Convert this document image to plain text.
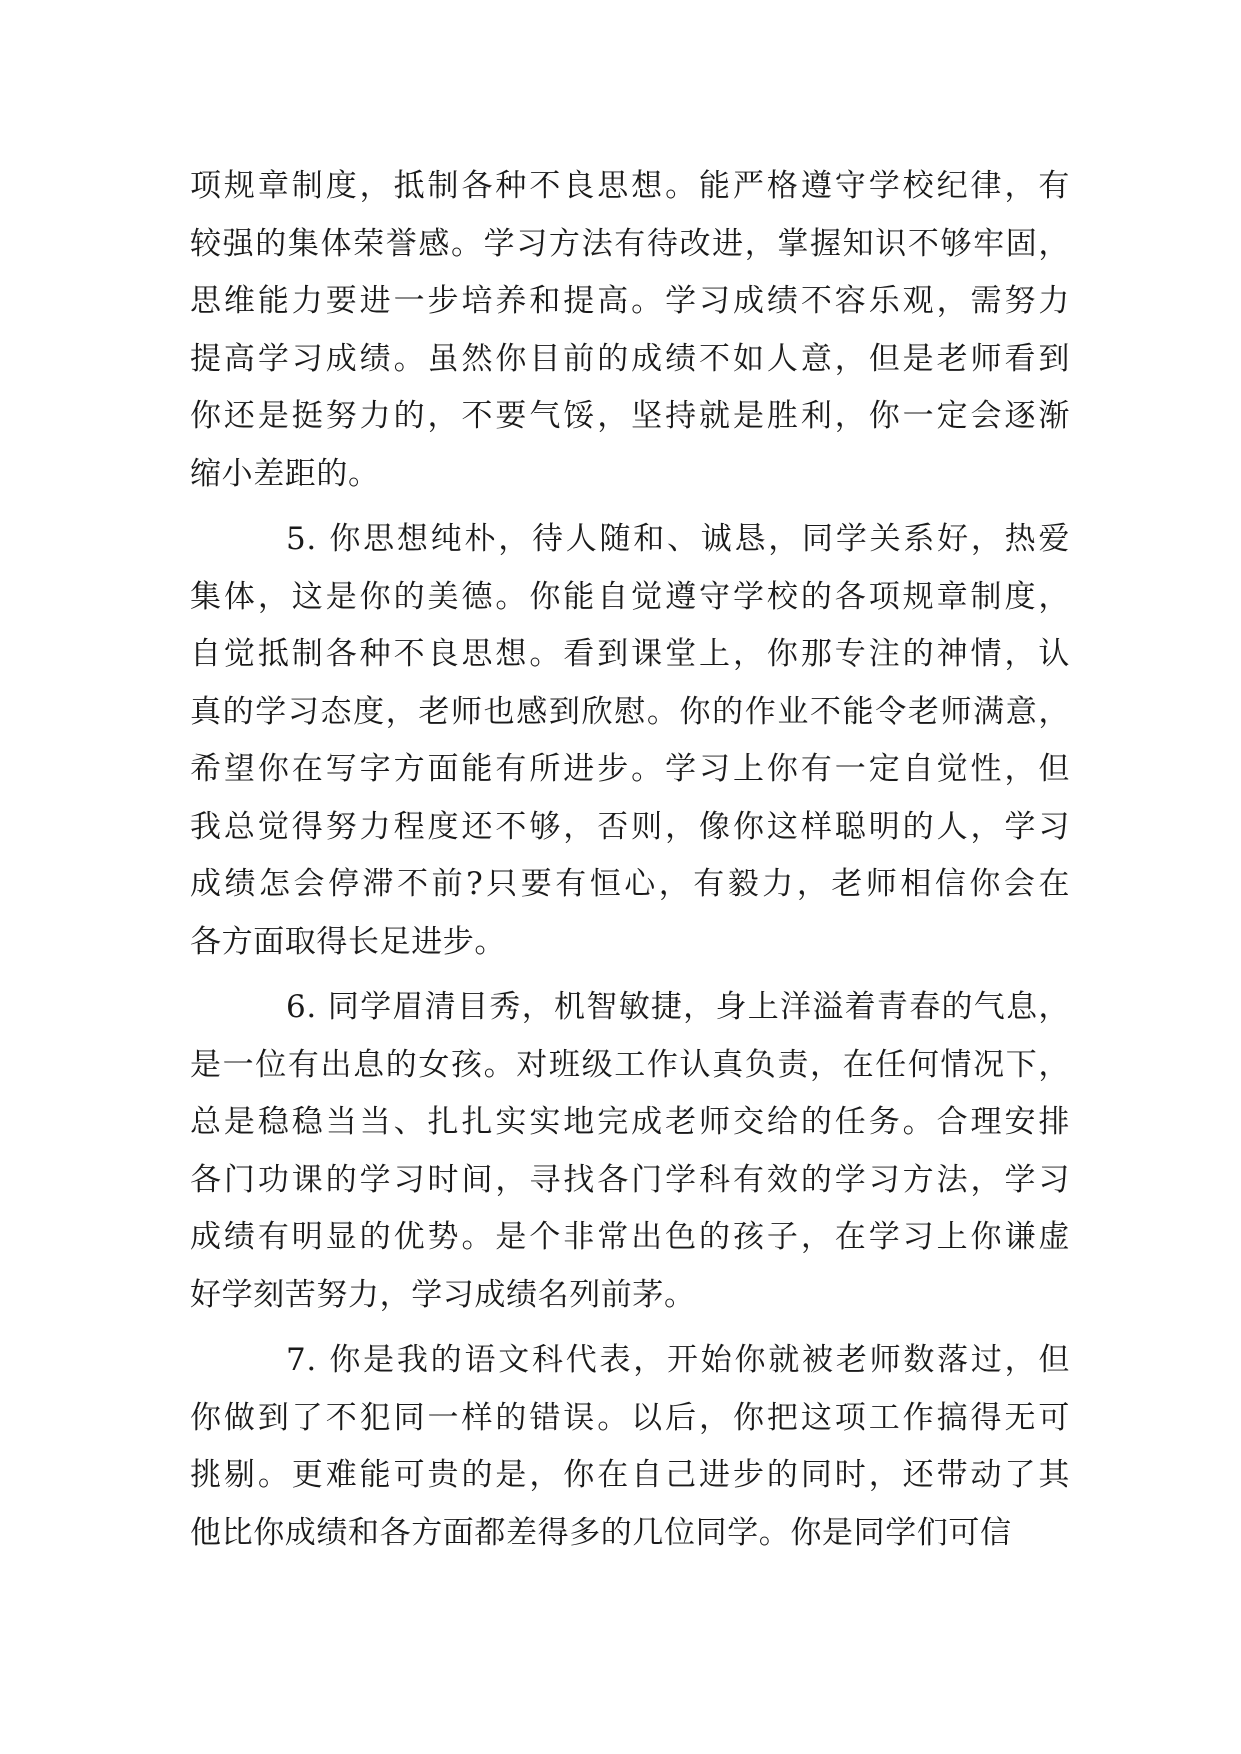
项规章制度，抵制各种不良思想。能严格遵守学校纪律，有
较强的集体荣誉感。学习方法有待改进，掌握知识不够牢固，
思维能力要进一步培养和提高。学习成绩不容乐观，需努力
提高学习成绩。虽然你目前的成绩不如人意，但是老师看到
你还是挺努力的，不要气馁，坚持就是胜利，你一定会逐渐
缩小差距的。
5. 你思想纯朴，待人随和、诚恳，同学关系好，热爱
集体，这是你的美德。你能自觉遵守学校的各项规章制度，
自觉抵制各种不良思想。看到课堂上，你那专注的神情，认
真的学习态度，老师也感到欣慰。你的作业不能令老师满意，
希望你在写字方面能有所进步。学习上你有一定自觉性，但
我总觉得努力程度还不够，否则，像你这样聪明的人，学习
成绩怎会停滞不前?只要有恒心，有毅力，老师相信你会在
各方面取得长足进步。
6. 同学眉清目秀，机智敏捷，身上洋溢着青春的气息，
是一位有出息的女孩。对班级工作认真负责，在任何情况下，
总是稳稳当当、扎扎实实地完成老师交给的任务。合理安排
各门功课的学习时间，寻找各门学科有效的学习方法，学习
成绩有明显的优势。是个非常出色的孩子，在学习上你谦虚
好学刻苦努力，学习成绩名列前茅。
7. 你是我的语文科代表，开始你就被老师数落过，但
你做到了不犯同一样的错误。以后，你把这项工作搞得无可
挑剔。更难能可贵的是，你在自己进步的同时，还带动了其
他比你成绩和各方面都差得多的几位同学。你是同学们可信
